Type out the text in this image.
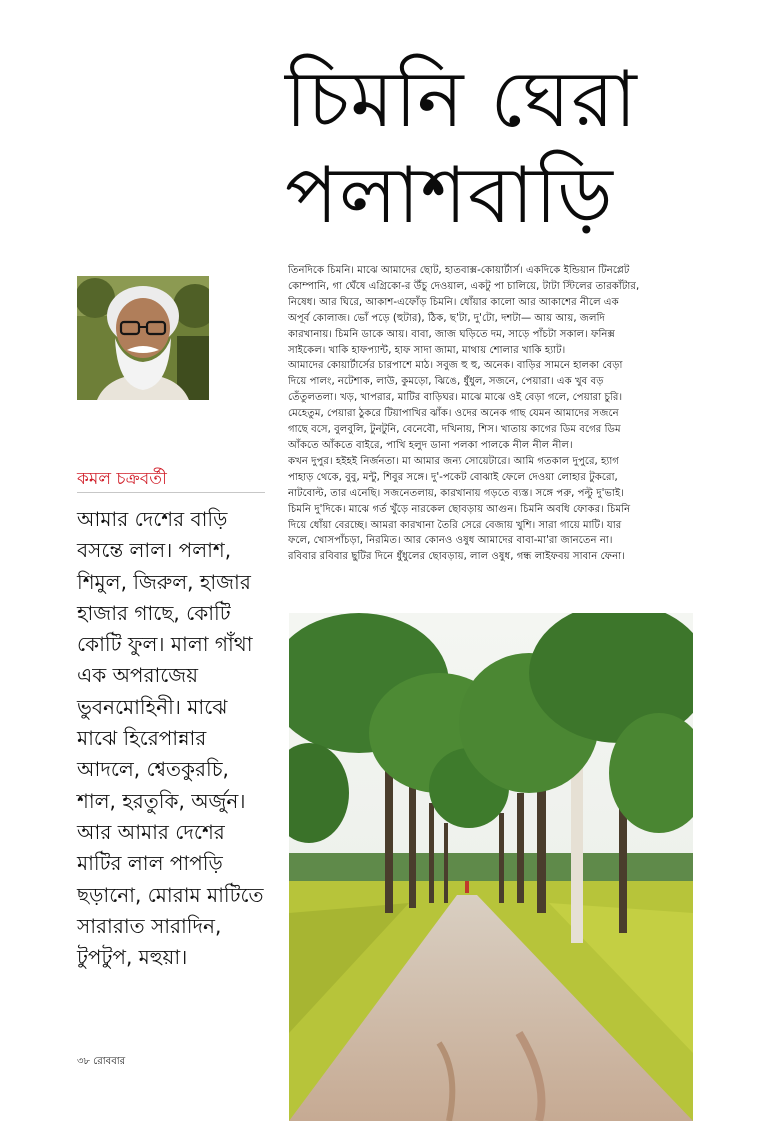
চিমনি ঘেরা
পলাশবাড়ি
কমল চক্রবর্তী

আমার দেশের বাড়ি

বসন্তে লাল। পলাশ,

শিমুল, জিরুল, হাজার

হাজার গাছে, কোটি

কোটি ফুল। মালা গাঁথা

এক অপরাজেয়

ভুবনমোহিনী। মাঝে

মাঝে হিরেপান্নার

আদলে, শ্বেতকুরচি,

শাল, হরতুকি, অর্জুন।

আর আমার দেশের

মাটির লাল পাপড়ি

ছড়ানো, মোরাম মাটিতে

সারারাত সারাদিন,

টুপটুপ, মহুয়া।

তিনদিকে চিমনি। মাঝে আমাদের ছোট, হাতবাক্স-কোয়ার্টার্স। একদিকে ইন্ডিয়ান টিনপ্লেট

কোম্পানি, গা ঘেঁষে এগ্রিকো-র উঁচু দেওয়াল, একটু পা চালিয়ে, টাটা স্টিলের তারকাঁটার,

নিষেধ। আর ঘিরে, আকাশ-এফোঁড় চিমনি। ধোঁয়ার কালো আর আকাশের নীলে এক

অপূর্ব কোলাজ। ভোঁ পড়ে (হুটার), ঠিক, ছ'টা, দু'টো, দশটা— আয় আয়, জলদি

কারখানায়। চিমনি ডাকে আয়। বাবা, জাজ ঘড়িতে দম, সাড়ে পাঁচটা সকাল। ফনিক্স

সাইকেল। খাকি হাফপ্যান্ট, হাফ সাদা জামা, মাথায় শোলার খাকি হ্যাট।

আমাদের কোয়ার্টার্সের চারপাশে মাঠ। সবুজ হু হু, অনেক। বাড়ির সামনে হালকা বেড়া

দিয়ে পালং, নটেশাক, লাউ, কুমড়ো, ঝিঙে, ধুঁধুল, সজনে, পেয়ারা। এক খুব বড়

তেঁতুলতলা। খড়, খাপরার, মাটির বাড়িঘর। মাঝে মাঝে ওই বেড়া গলে, পেয়ারা চুরি।

মেহেতুম, পেয়ারা ঠুকরে টিয়াপাখির ঝাঁক। ওদের অনেক গাছ যেমন আমাদের সজনে

গাছে বসে, বুলবুলি, টুনটুনি, বেনেবৌ, দখিনায়, শিস। খাতায় কাগের ডিম বগের ডিম

আঁকতে আঁকতে বাইরে, পাখি হলুদ ডানা পলকা পালকে নীল নীল নীল।

কখন দুপুর। হইহই নির্জনতা। মা আমার জন্য সোয়েটারে। আমি গতকাল দুপুরে, হ্যাগ

পাহাড় থেকে, বুবু, মন্টু, শিবুর সঙ্গে। দু'-পকেট বোঝাই ফেলে দেওয়া লোহার টুকরো,

নাটবোল্ট, তার এনেছি। সজনেতলায়, কারখানায় গড়তে ব্যস্ত। সঙ্গে পরু, পল্টু দু'ভাই।

চিমনি দু'দিকে। মাঝে গর্ত খুঁড়ে নারকেল ছোবড়ায় আগুন। চিমনি অবধি ফোকর। চিমনি

দিয়ে ধোঁয়া বেরচ্ছে। আমরা কারখানা তৈরি সেরে বেজায় খুশি। সারা গায়ে মাটি। যার

ফলে, খোসপাঁচড়া, নিরমিত। আর কোনও ওষুধ আমাদের বাবা-মা'রা জানতেন না।

রবিবার রবিবার ছুটির দিনে ধুঁধুলের ছোবড়ায়, লাল ওষুধ, গন্ধ লাইফবয় সাবান ফেনা।

৩৮ রোববার
